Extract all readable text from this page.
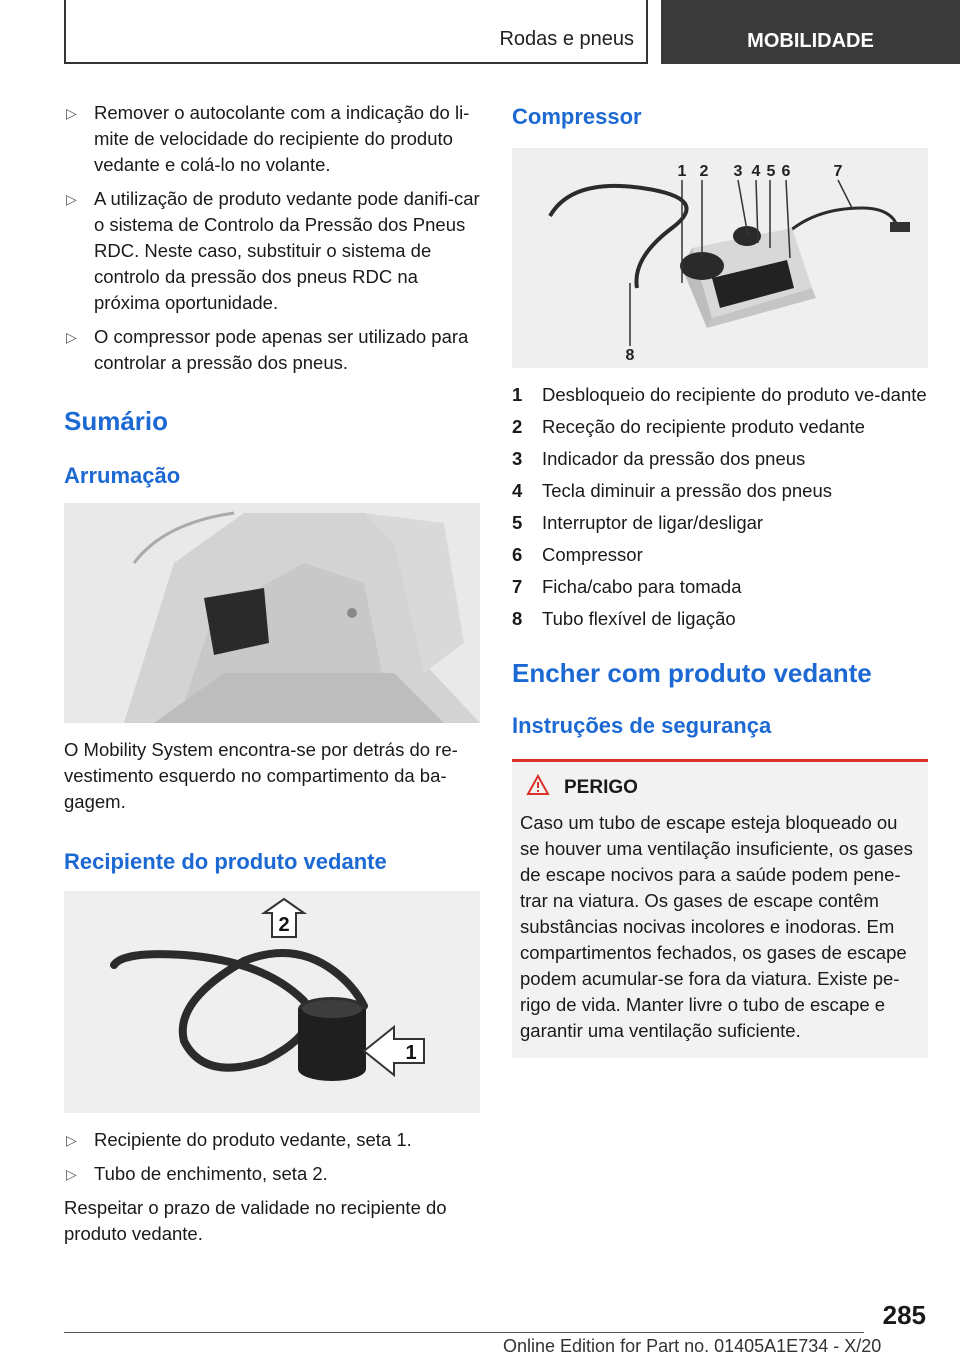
Rodas e pneus	MOBILIDADE
▷ Remover o autocolante com a indicação do li-mite de velocidade do recipiente do produto vedante e colá-lo no volante.
▷ A utilização de produto vedante pode danifi-car o sistema de Controlo da Pressão dos Pneus RDC. Neste caso, substituir o sistema de controlo da pressão dos pneus RDC na próxima oportunidade.
▷ O compressor pode apenas ser utilizado para controlar a pressão dos pneus.
Sumário
Arrumação

O Mobility System encontra-se por detrás do re-vestimento esquerdo no compartimento da ba-gagem.

Recipiente do produto vedante
2
1
▷ Recipiente do produto vedante, seta 1.
▷ Tubo de enchimento, seta 2.

Respeitar o prazo de validade no recipiente do produto vedante.

Compressor
1 2 3 4 5 6	7
8
1	Desbloqueio do recipiente do produto ve-dante
2	Receção do recipiente produto vedante
3	Indicador da pressão dos pneus
4	Tecla diminuir a pressão dos pneus
5	Interruptor de ligar/desligar
6	Compressor
7	Ficha/cabo para tomada
8	Tubo flexível de ligação
Encher com produto vedante
Instruções de segurança
PERIGO
Caso um tubo de escape esteja bloqueado ou se houver uma ventilação insuficiente, os gases de escape nocivos para a saúde podem pene-trar na viatura. Os gases de escape contêm substâncias nocivas incolores e inodoras. Em compartimentos fechados, os gases de escape podem acumular-se fora da viatura. Existe pe-rigo de vida. Manter livre o tubo de escape e garantir uma ventilação suficiente.
285
Online Edition for Part no. 01405A1E734 - X/20
